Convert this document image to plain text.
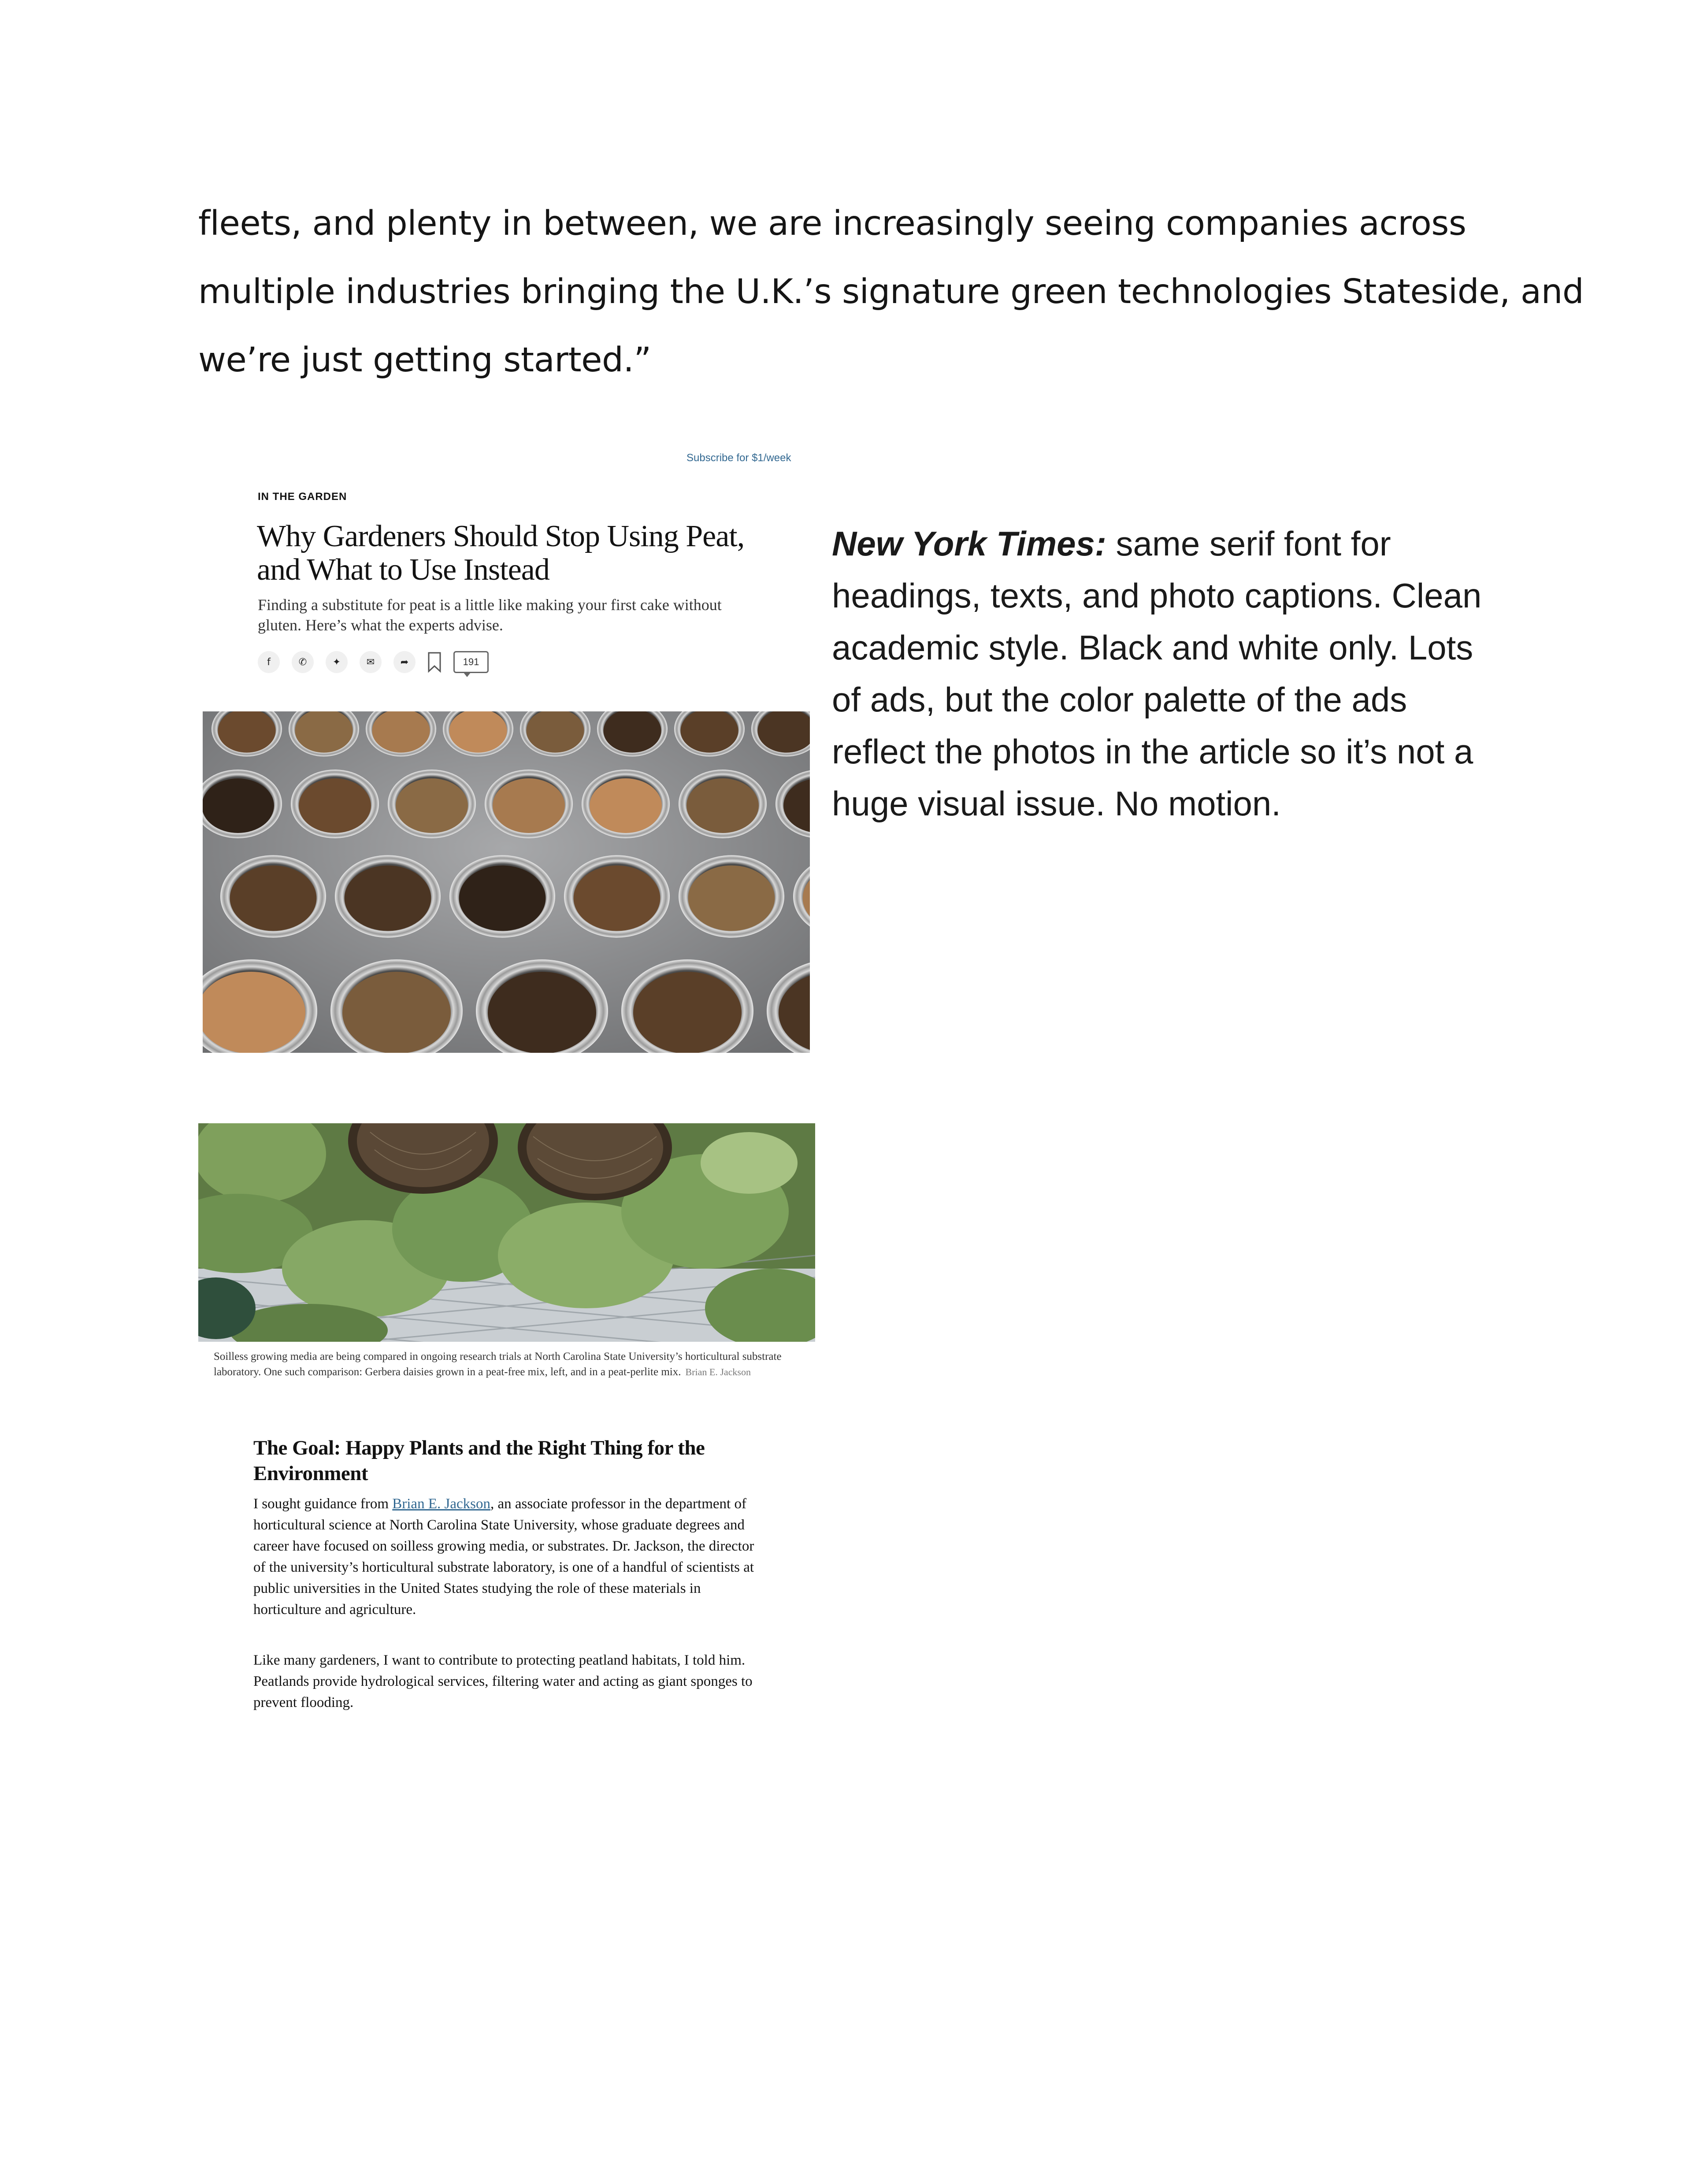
fleets, and plenty in between, we are increasingly seeing companies across multiple industries bringing the U.K.’s signature green technologies Stateside, and we’re just getting started.”

New York Times: same serif font for headings, texts, and photo captions. Clean academic style. Black and white only. Lots of ads, but the color palette of the ads reflect the photos in the article so it’s not a huge visual issue. No motion.

Subscribe for $1/week
IN THE GARDEN
Why Gardeners Should Stop Using Peat, and What to Use Instead

Finding a substitute for peat is a little like making your first cake without gluten. Here’s what the experts advise.

f	✆	✦	✉	➦	191

Soilless growing media are being compared in ongoing research trials at North Carolina State University’s horticultural substrate laboratory. One such comparison: Gerbera daisies grown in a peat-free mix, left, and in a peat-perlite mix. Brian E. Jackson

The Goal: Happy Plants and the Right Thing for the Environment

I sought guidance from Brian E. Jackson, an associate professor in the department of horticultural science at North Carolina State University, whose graduate degrees and career have focused on soilless growing media, or substrates. Dr. Jackson, the director of the university’s horticultural substrate laboratory, is one of a handful of scientists at public universities in the United States studying the role of these materials in horticulture and agriculture.

Like many gardeners, I want to contribute to protecting peatland habitats, I told him. Peatlands provide hydrological services, filtering water and acting as giant sponges to prevent flooding.
